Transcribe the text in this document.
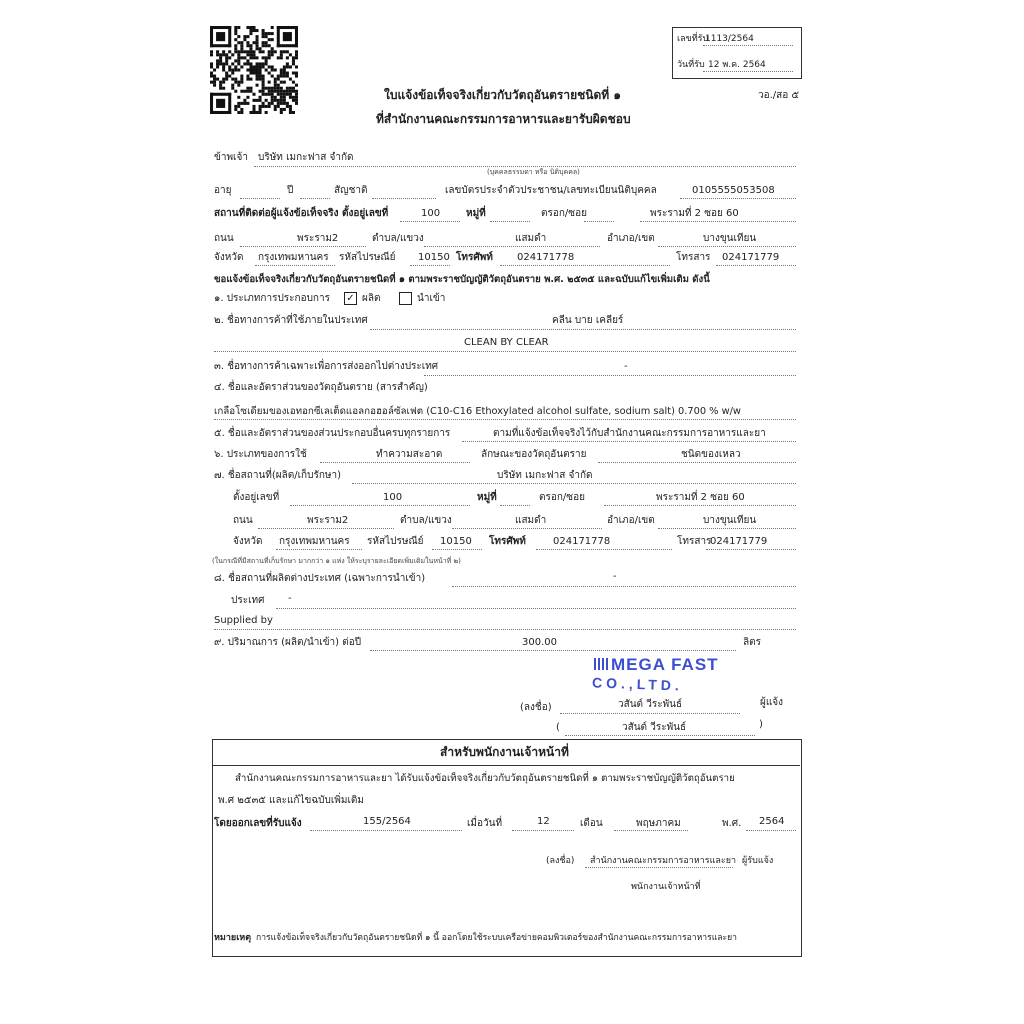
เลขที่รับ
1113/2564
วันที่รับ 12 พ.ค. 2564
วอ./สอ ๕
ใบแจ้งข้อเท็จจริงเกี่ยวกับวัตถุอันตรายชนิดที่ ๑
ที่สำนักงานคณะกรรมการอาหารและยารับผิดชอบ
ข้าพเจ้า บริษัท เมกะฟาส จำกัด
(บุคคลธรรมดา หรือ นิติบุคคล)
อายุ	ปี	สัญชาติ	เลขบัตรประจำตัวประชาชน/เลขทะเบียนนิติบุคคล	0105555053508
สถานที่ติดต่อผู้แจ้งข้อเท็จจริง ตั้งอยู่เลขที่	100	หมู่ที่	ตรอก/ซอย	พระรามที่ 2 ซอย 60
ถนน	พระราม2	ตำบล/แขวง	แสมดำ	อำเภอ/เขต	บางขุนเทียน
จังหวัด กรุงเทพมหานคร รหัสไปรษณีย์ 10150 โทรศัพท์ 024171778	โทรสาร 024171779
ขอแจ้งข้อเท็จจริงเกี่ยวกับวัตถุอันตรายชนิดที่ ๑ ตามพระราชบัญญัติวัตถุอันตราย พ.ศ. ๒๕๓๕ และฉบับแก้ไขเพิ่มเติม ดังนี้
๑. ประเภทการประกอบการ ✓ ผลิต	นำเข้า
๒. ชื่อทางการค้าที่ใช้ภายในประเทศ	คลีน บาย เคลียร์
CLEAN BY CLEAR
๓. ชื่อทางการค้าเฉพาะเพื่อการส่งออกไปต่างประเทศ	-
๔. ชื่อและอัตราส่วนของวัตถุอันตราย (สารสำคัญ)
เกลือโซเดียมของเอทอกซีเลเต็ดแอลกอฮอล์ซัลเฟต (C10-C16 Ethoxylated alcohol sulfate, sodium salt) 0.700 % w/w
๕. ชื่อและอัตราส่วนของส่วนประกอบอื่นครบทุกรายการ	ตามที่แจ้งข้อเท็จจริงไว้กับสำนักงานคณะกรรมการอาหารและยา
๖. ประเภทของการใช้	ทำความสะอาด	ลักษณะของวัตถุอันตราย	ชนิดของเหลว
๗. ชื่อสถานที่(ผลิต/เก็บรักษา)	บริษัท เมกะฟาส จำกัด
ตั้งอยู่เลขที่	100	หมู่ที่	ตรอก/ซอย	พระรามที่ 2 ซอย 60
ถนน	พระราม2	ตำบล/แขวง	แสมดำ	อำเภอ/เขต	บางขุนเทียน
จังหวัด กรุงเทพมหานคร รหัสไปรษณีย์ 10150 โทรศัพท์	024171778	โทรสาร
024171779
(ในกรณีที่มีสถานที่เก็บรักษา มากกว่า ๑ แห่ง ให้ระบุรายละเอียดเพิ่มเติมในหน้าที่ ๒)
๘. ชื่อสถานที่ผลิตต่างประเทศ (เฉพาะการนำเข้า)	-
ประเทศ -
Supplied by
๙. ปริมาณการ (ผลิต/นำเข้า) ต่อปี	300.00	ลิตร
MEGA FAST
CO.,LTD.
(ลงชื่อ)	วสันต์ วีระพันธ์	ผู้แจ้ง
(	วสันต์ วีระพันธ์	)
สำหรับพนักงานเจ้าหน้าที่
สำนักงานคณะกรรมการอาหารและยา ได้รับแจ้งข้อเท็จจริงเกี่ยวกับวัตถุอันตรายชนิดที่ ๑ ตามพระราชบัญญัติวัตถุอันตราย
พ.ศ ๒๕๓๕ และแก้ไขฉบับเพิ่มเติม
โดยออกเลขที่รับแจ้ง	155/2564	เมื่อวันที่	12	เดือน	พฤษภาคม	พ.ศ. 2564
(ลงชื่อ) สำนักงานคณะกรรมการอาหารและยา ผู้รับแจ้ง
พนักงานเจ้าหน้าที่
หมายเหตุ การแจ้งข้อเท็จจริงเกี่ยวกับวัตถุอันตรายชนิดที่ ๑ นี้ ออกโดยใช้ระบบเครือข่ายคอมพิวเตอร์ของสำนักงานคณะกรรมการอาหารและยา
